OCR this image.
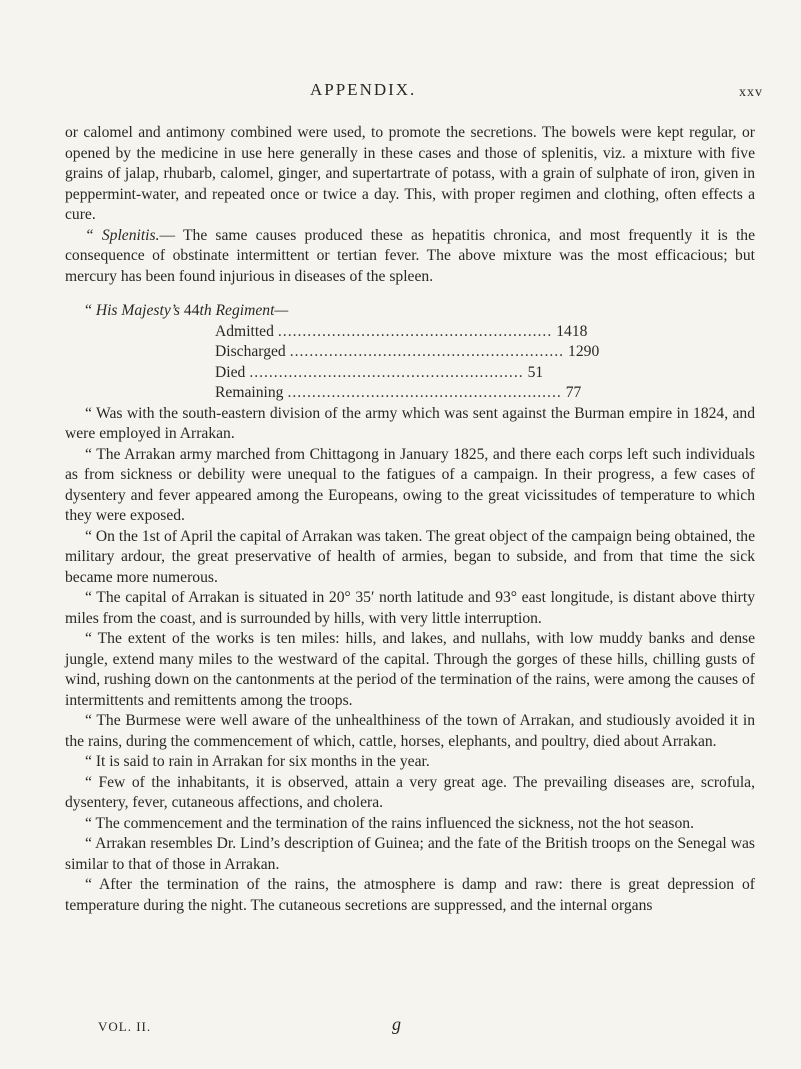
APPENDIX.	xxv

or calomel and antimony combined were used, to promote the secretions. The bowels were kept regular, or opened by the medicine in use here generally in these cases and those of splenitis, viz. a mixture with five grains of jalap, rhubarb, calomel, ginger, and supertartrate of potass, with a grain of sulphate of iron, given in peppermint-water, and repeated once or twice a day. This, with proper regimen and clothing, often effects a cure.

“ Splenitis.— The same causes produced these as hepatitis chronica, and most frequently it is the consequence of obstinate intermittent or tertian fever. The above mixture was the most efficacious; but mercury has been found injurious in diseases of the spleen.

“ His Majesty’s 44th Regiment—

Admitted ........................................................ 1418
Discharged ........................................................ 1290
Died ........................................................ 51
Remaining ........................................................ 77

“ Was with the south-eastern division of the army which was sent against the Burman empire in 1824, and were employed in Arrakan.

“ The Arrakan army marched from Chittagong in January 1825, and there each corps left such individuals as from sickness or debility were unequal to the fatigues of a campaign. In their progress, a few cases of dysentery and fever appeared among the Europeans, owing to the great vicissitudes of temperature to which they were exposed.

“ On the 1st of April the capital of Arrakan was taken. The great object of the campaign being obtained, the military ardour, the great preservative of health of armies, began to subside, and from that time the sick became more numerous.

“ The capital of Arrakan is situated in 20° 35′ north latitude and 93° east longitude, is distant above thirty miles from the coast, and is surrounded by hills, with very little interruption.

“ The extent of the works is ten miles: hills, and lakes, and nullahs, with low muddy banks and dense jungle, extend many miles to the westward of the capital. Through the gorges of these hills, chilling gusts of wind, rushing down on the cantonments at the period of the termination of the rains, were among the causes of intermittents and remittents among the troops.

“ The Burmese were well aware of the unhealthiness of the town of Arrakan, and studiously avoided it in the rains, during the commencement of which, cattle, horses, elephants, and poultry, died about Arrakan.

“ It is said to rain in Arrakan for six months in the year.

“ Few of the inhabitants, it is observed, attain a very great age. The prevailing diseases are, scrofula, dysentery, fever, cutaneous affections, and cholera.

“ The commencement and the termination of the rains influenced the sickness, not the hot season.

“ Arrakan resembles Dr. Lind’s description of Guinea; and the fate of the British troops on the Senegal was similar to that of those in Arrakan.

“ After the termination of the rains, the atmosphere is damp and raw: there is great depression of temperature during the night. The cutaneous secretions are suppressed, and the internal organs

VOL. II.	g
